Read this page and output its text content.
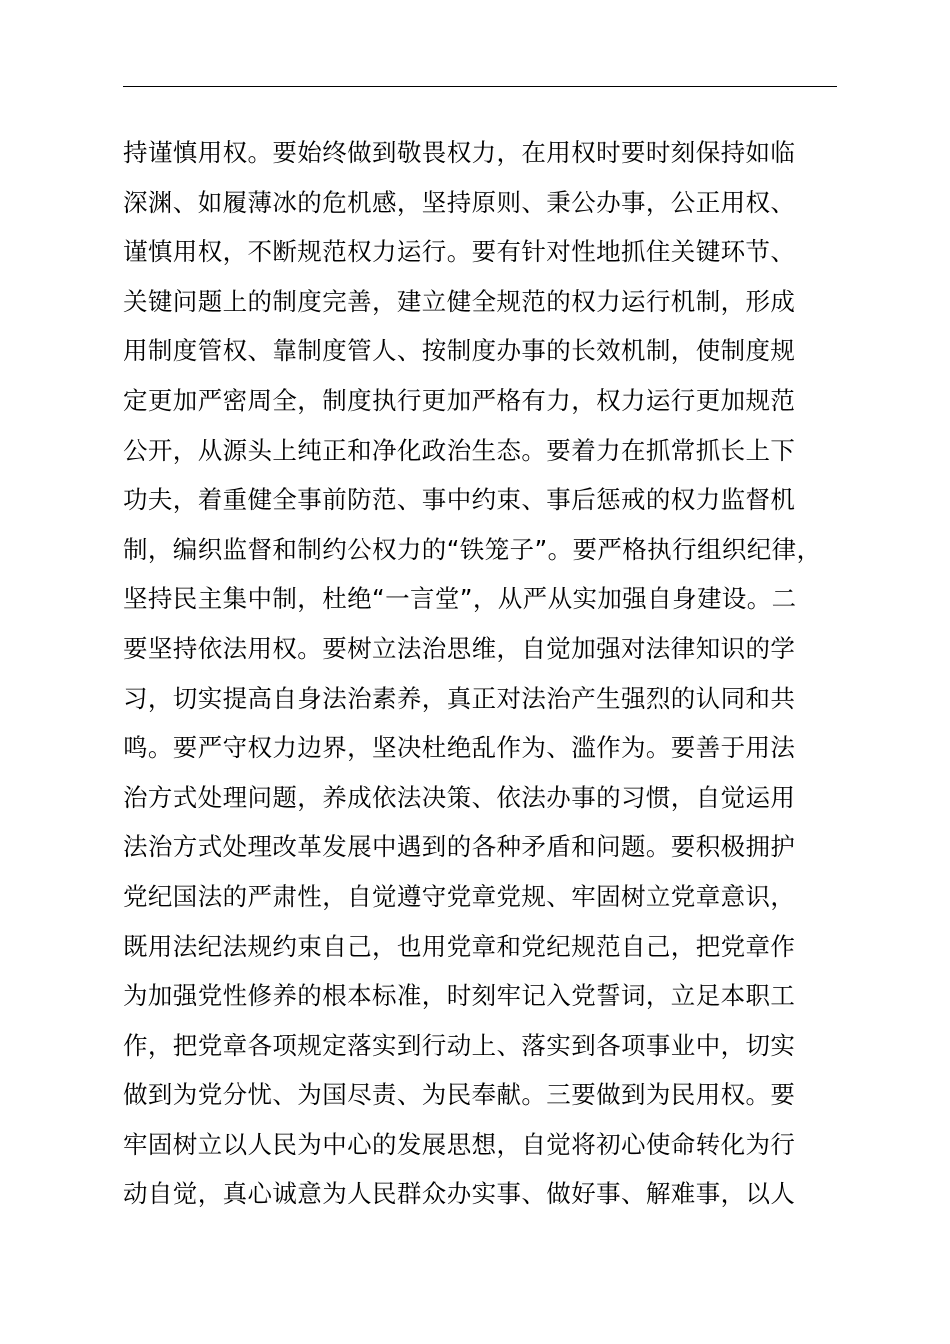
持谨慎用权。要始终做到敬畏权力，在用权时要时刻保持如临
深渊、如履薄冰的危机感，坚持原则、秉公办事，公正用权、
谨慎用权，不断规范权力运行。要有针对性地抓住关键环节、
关键问题上的制度完善，建立健全规范的权力运行机制，形成
用制度管权、靠制度管人、按制度办事的长效机制，使制度规
定更加严密周全，制度执行更加严格有力，权力运行更加规范
公开，从源头上纯正和净化政治生态。要着力在抓常抓长上下
功夫，着重健全事前防范、事中约束、事后惩戒的权力监督机
制，编织监督和制约公权力的“铁笼子”。要严格执行组织纪律，
坚持民主集中制，杜绝“一言堂”，从严从实加强自身建设。二
要坚持依法用权。要树立法治思维，自觉加强对法律知识的学
习，切实提高自身法治素养，真正对法治产生强烈的认同和共
鸣。要严守权力边界，坚决杜绝乱作为、滥作为。要善于用法
治方式处理问题，养成依法决策、依法办事的习惯，自觉运用
法治方式处理改革发展中遇到的各种矛盾和问题。要积极拥护
党纪国法的严肃性，自觉遵守党章党规、牢固树立党章意识，
既用法纪法规约束自己，也用党章和党纪规范自己，把党章作
为加强党性修养的根本标准，时刻牢记入党誓词，立足本职工
作，把党章各项规定落实到行动上、落实到各项事业中，切实
做到为党分忧、为国尽责、为民奉献。三要做到为民用权。要
牢固树立以人民为中心的发展思想，自觉将初心使命转化为行
动自觉，真心诚意为人民群众办实事、做好事、解难事，以人
